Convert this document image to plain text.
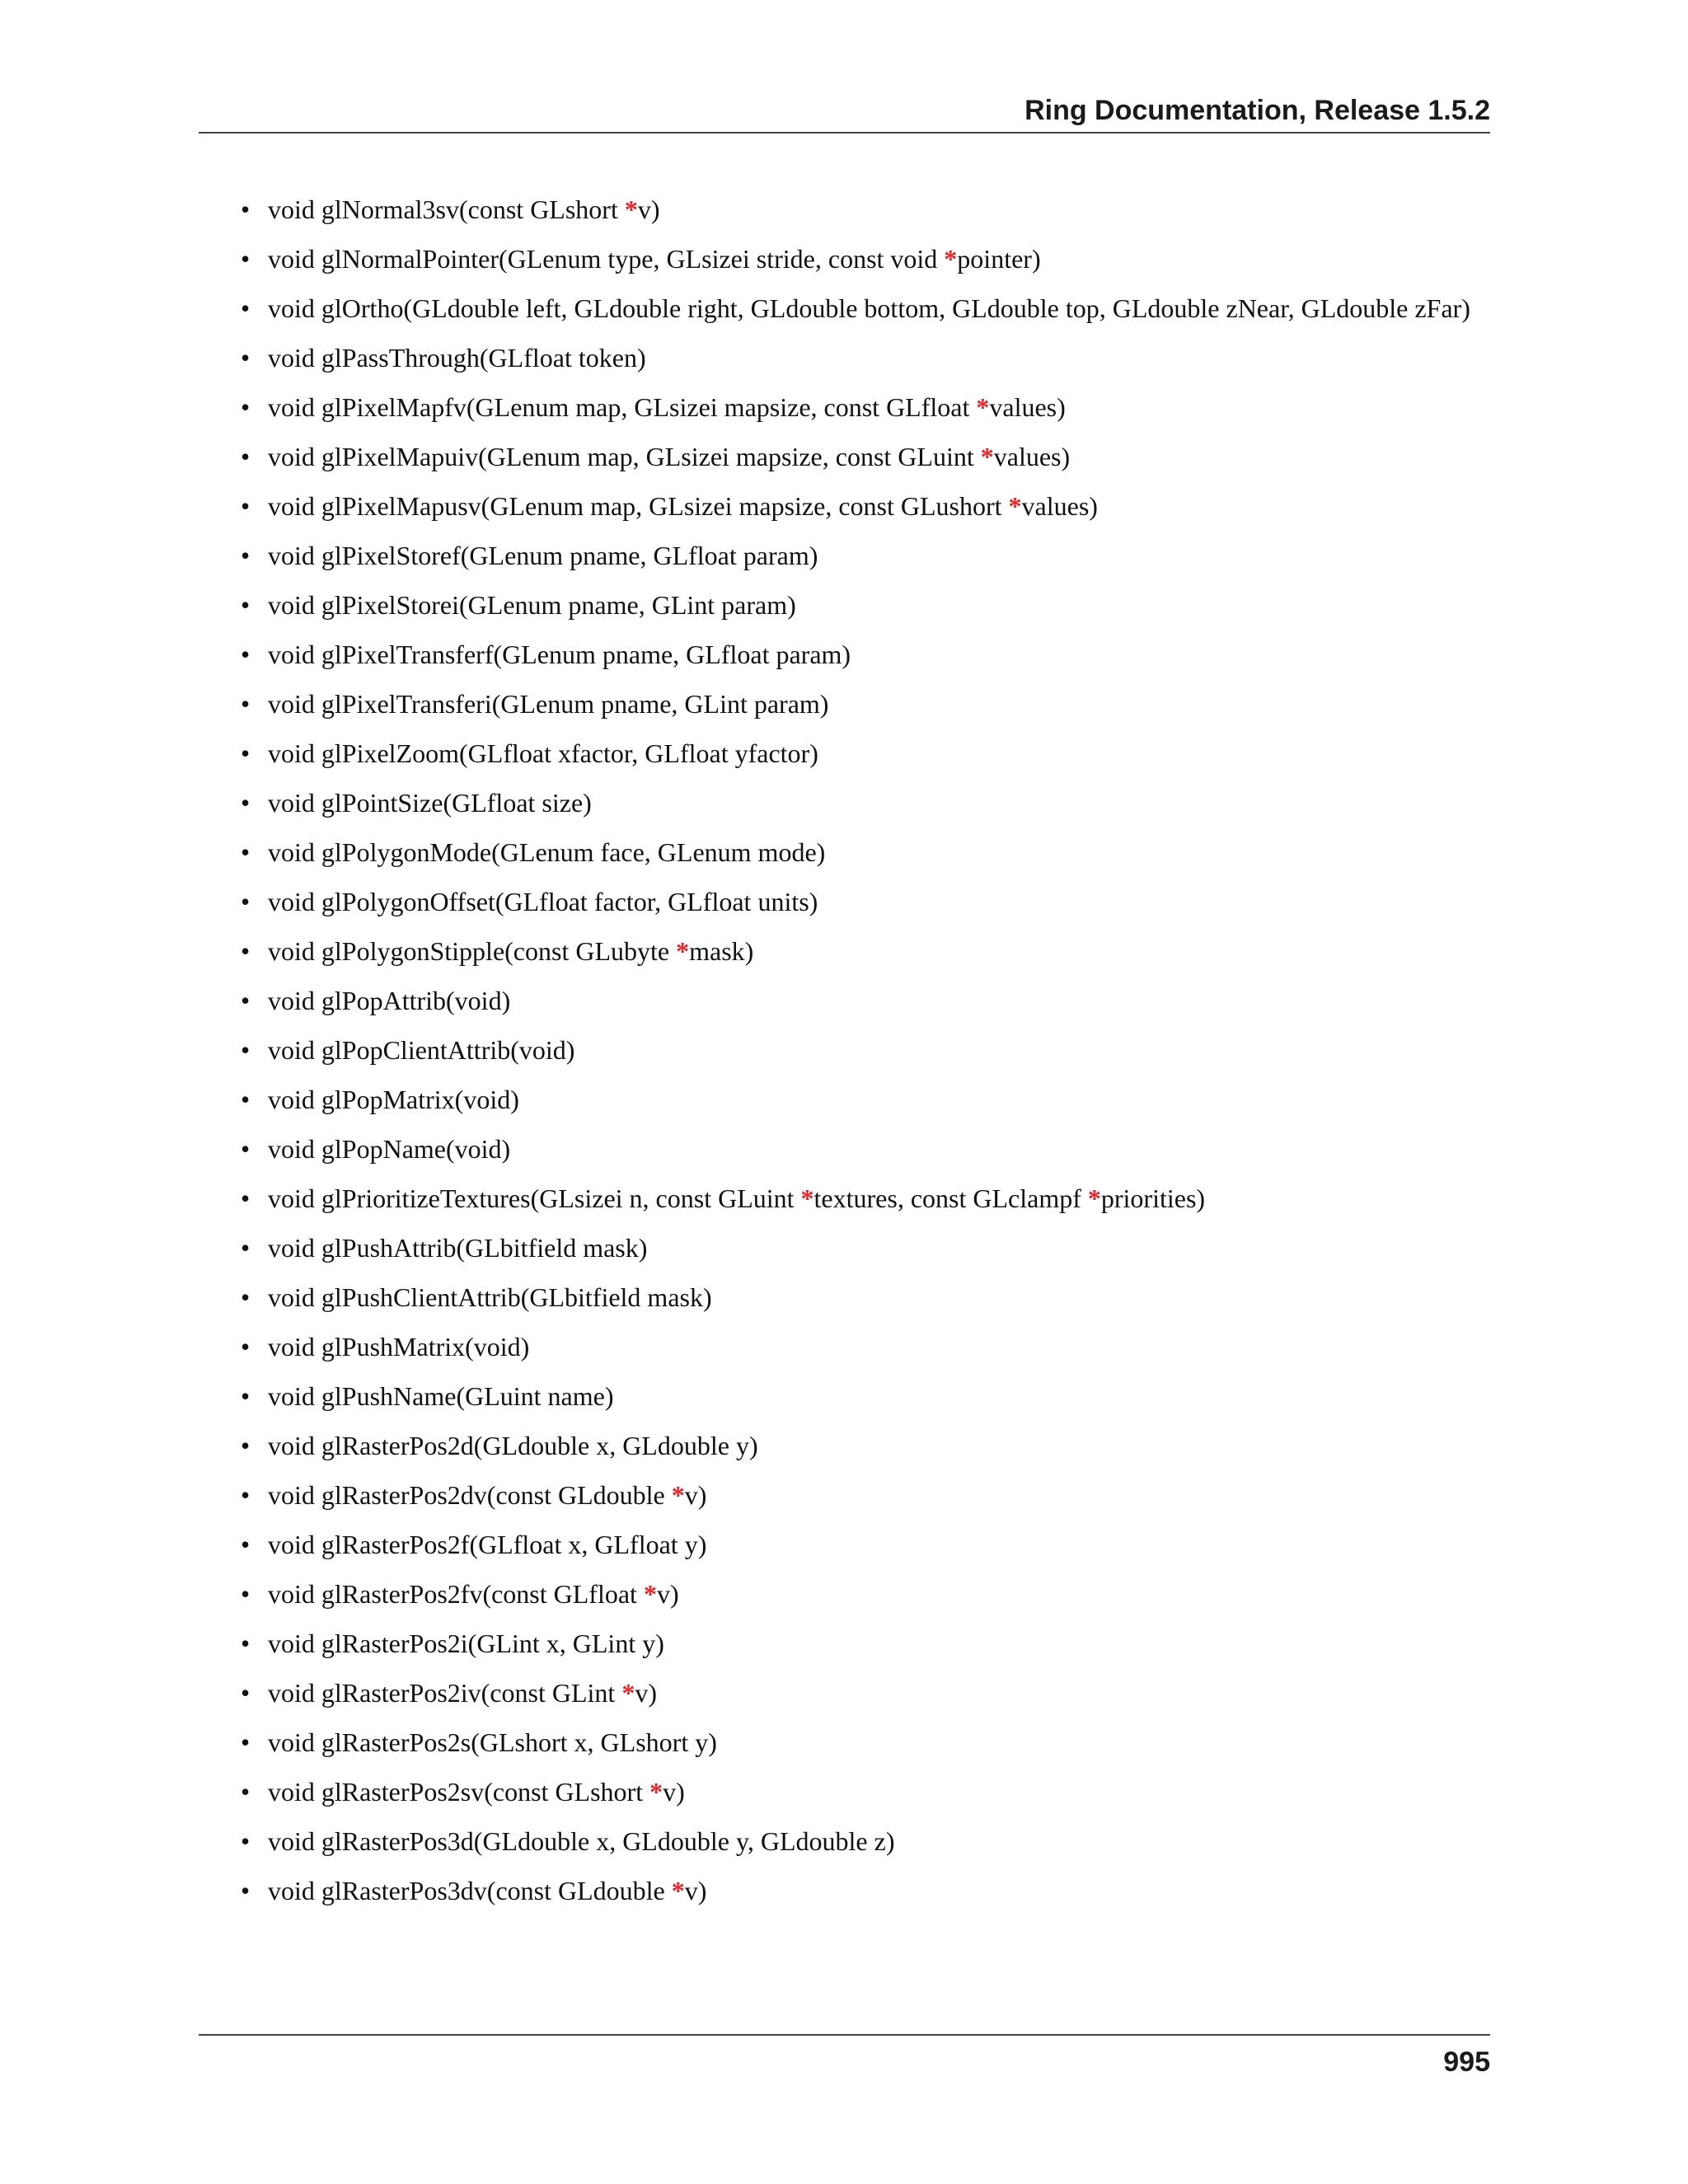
Ring Documentation, Release 1.5.2
• void glNormal3sv(const GLshort *v)
• void glNormalPointer(GLenum type, GLsizei stride, const void *pointer)
• void glOrtho(GLdouble left, GLdouble right, GLdouble bottom, GLdouble top, GLdouble zNear, GLdouble zFar)
• void glPassThrough(GLfloat token)
• void glPixelMapfv(GLenum map, GLsizei mapsize, const GLfloat *values)
• void glPixelMapuiv(GLenum map, GLsizei mapsize, const GLuint *values)
• void glPixelMapusv(GLenum map, GLsizei mapsize, const GLushort *values)
• void glPixelStoref(GLenum pname, GLfloat param)
• void glPixelStorei(GLenum pname, GLint param)
• void glPixelTransferf(GLenum pname, GLfloat param)
• void glPixelTransferi(GLenum pname, GLint param)
• void glPixelZoom(GLfloat xfactor, GLfloat yfactor)
• void glPointSize(GLfloat size)
• void glPolygonMode(GLenum face, GLenum mode)
• void glPolygonOffset(GLfloat factor, GLfloat units)
• void glPolygonStipple(const GLubyte *mask)
• void glPopAttrib(void)
• void glPopClientAttrib(void)
• void glPopMatrix(void)
• void glPopName(void)
• void glPrioritizeTextures(GLsizei n, const GLuint *textures, const GLclampf *priorities)
• void glPushAttrib(GLbitfield mask)
• void glPushClientAttrib(GLbitfield mask)
• void glPushMatrix(void)
• void glPushName(GLuint name)
• void glRasterPos2d(GLdouble x, GLdouble y)
• void glRasterPos2dv(const GLdouble *v)
• void glRasterPos2f(GLfloat x, GLfloat y)
• void glRasterPos2fv(const GLfloat *v)
• void glRasterPos2i(GLint x, GLint y)
• void glRasterPos2iv(const GLint *v)
• void glRasterPos2s(GLshort x, GLshort y)
• void glRasterPos2sv(const GLshort *v)
• void glRasterPos3d(GLdouble x, GLdouble y, GLdouble z)
• void glRasterPos3dv(const GLdouble *v)
995
